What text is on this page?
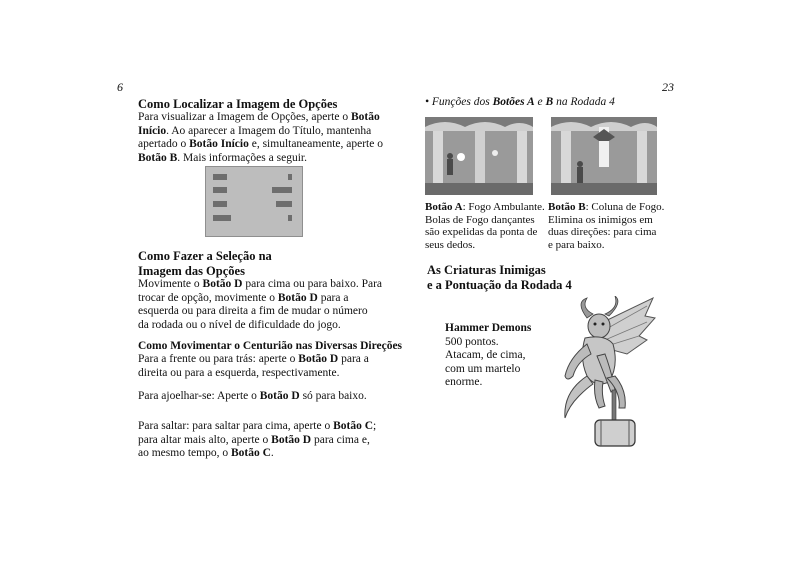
6
Como Localizar a Imagem de Opções
Para visualizar a Imagem de Opções, aperte o Botão
Início. Ao aparecer a Imagem do Título, mantenha
apertado o Botão Início e, simultaneamente, aperte o
Botão B. Mais informações a seguir.
Como Fazer a Seleção na
Imagem das Opções
Movimente o Botão D para cima ou para baixo. Para
trocar de opção, movimente o Botão D para a
esquerda ou para direita a fim de mudar o número
da rodada ou o nível de dificuldade do jogo.
Como Movimentar o Centurião nas Diversas Direções
Para a frente ou para trás: aperte o Botão D para a
direita ou para a esquerda, respectivamente.
Para ajoelhar-se: Aperte o Botão D só para baixo.
Para saltar: para saltar para cima, aperte o Botão C;
para altar mais alto, aperte o Botão D para cima e,
ao mesmo tempo, o Botão C.
23
• Funções dos Botões A e B na Rodada 4
Botão A: Fogo Ambulante.
Bolas de Fogo dançantes
são expelidas da ponta de
seus dedos.
Botão B: Coluna de Fogo.
Elimina os inimigos em
duas direções: para cima
e para baixo.
As Criaturas Inimigas
e a Pontuação da Rodada 4
Hammer Demons
500 pontos.
Atacam, de cima,
com um martelo
enorme.
